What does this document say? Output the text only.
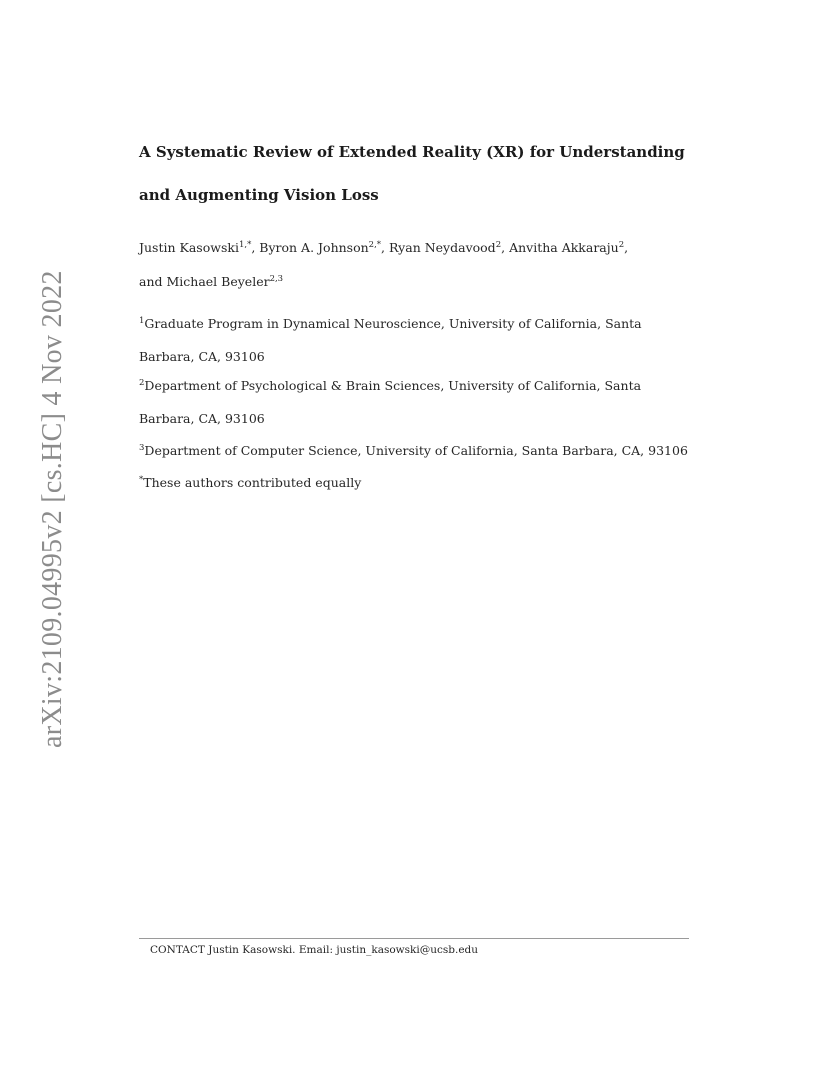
arXiv:2109.04995v2 [cs.HC] 4 Nov 2022
A Systematic Review of Extended Reality (XR) for Understanding
and Augmenting Vision Loss
Justin Kasowski$^{1,*}$, Byron A. Johnson$^{2,*}$, Ryan Neydavood$^2$, Anvitha Akkaraju$^2$,
and Michael Beyeler$^{2,3}$
$^1$Graduate Program in Dynamical Neuroscience, University of California, Santa Barbara, CA, 93106
$^2$Department of Psychological & Brain Sciences, University of California, Santa Barbara, CA, 93106
$^3$Department of Computer Science, University of California, Santa Barbara, CA, 93106
*These authors contributed equally
CONTACT Justin Kasowski. Email: justin_kasowski@ucsb.edu
